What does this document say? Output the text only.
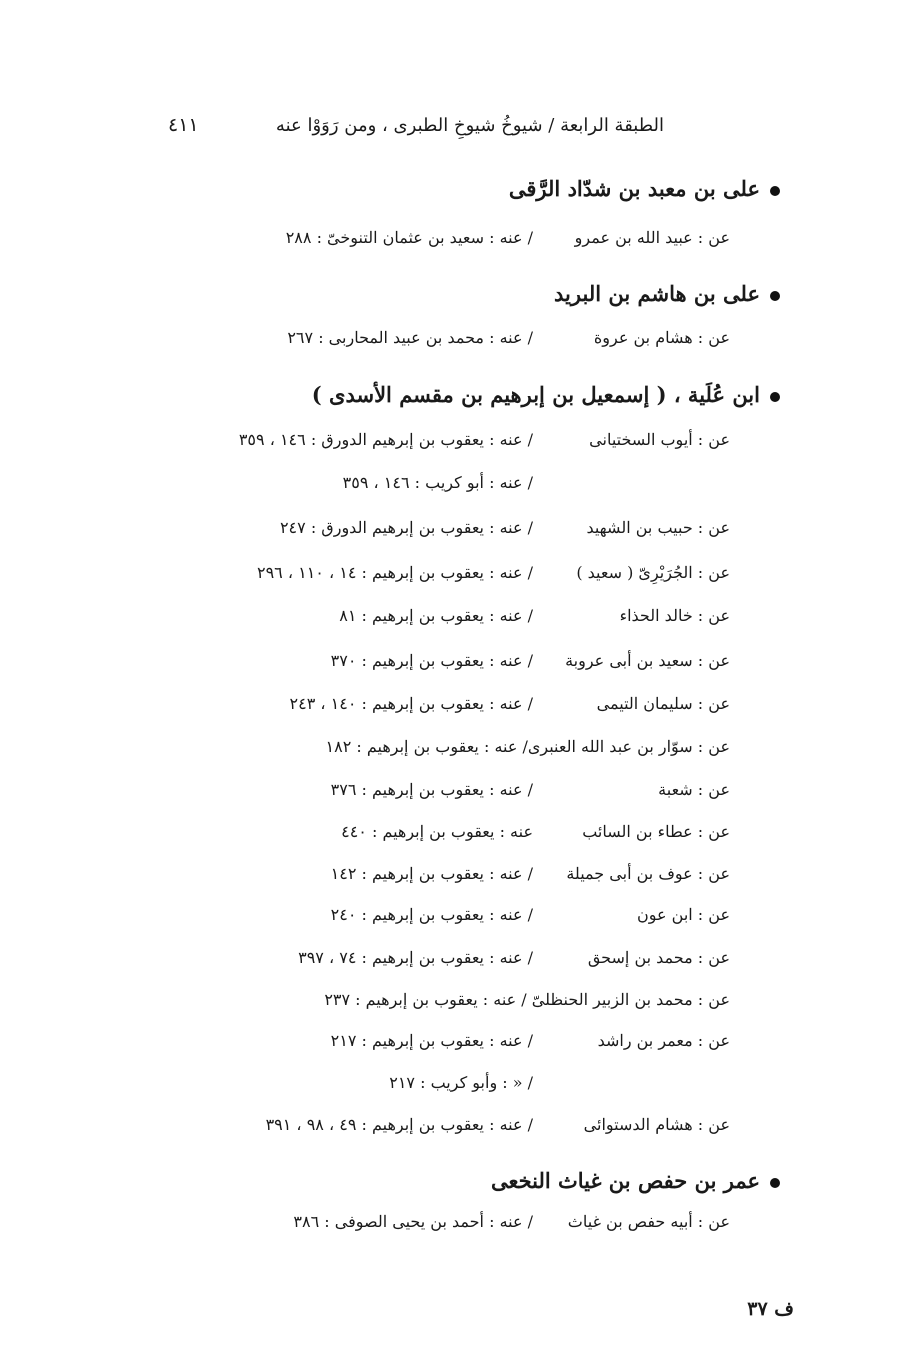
الطبقة الرابعة / شيوخُ شيوخِ الطبرى ، ومن رَوَوْا عنه
٤١١
على بن معبد بن شدّاد الرَّقى
عن : عبيد الله بن عمرو
/ عنه : سعيد بن عثمان التنوخىّ : ٢٨٨
على بن هاشم بن البريد
عن : هشام بن عروة
/ عنه : محمد بن عبيد المحاربى : ٢٦٧
ابن عُلَية ، ( إسمعيل بن إبرهيم بن مقسم الأسدى )
عن : أيوب السختيانى
/ عنه : يعقوب بن إبرهيم الدورق : ١٤٦ ، ٣٥٩
/ عنه : أبو كريب : ١٤٦ ، ٣٥٩
عن : حبيب بن الشهيد
/ عنه : يعقوب بن إبرهيم الدورق : ٢٤٧
عن : الجُرَيْرِىّ ( سعيد )
/ عنه : يعقوب بن إبرهيم : ١٤ ، ١١٠ ، ٢٩٦
عن : خالد الحذاء
/ عنه : يعقوب بن إبرهيم : ٨١
عن : سعيد بن أبى عروبة
/ عنه : يعقوب بن إبرهيم : ٣٧٠
عن : سليمان التيمى
/ عنه : يعقوب بن إبرهيم : ١٤٠ ، ٢٤٣
عن : سوّار بن عبد الله العنبرى/ عنه : يعقوب بن إبرهيم : ١٨٢
عن : شعبة
/ عنه : يعقوب بن إبرهيم : ٣٧٦
عن : عطاء بن السائب
عنه : يعقوب بن إبرهيم : ٤٤٠
عن : عوف بن أبى جميلة
/ عنه : يعقوب بن إبرهيم : ١٤٢
عن : ابن عون
/ عنه : يعقوب بن إبرهيم : ٢٤٠
عن : محمد بن إسحق
/ عنه : يعقوب بن إبرهيم : ٧٤ ، ٣٩٧
عن : محمد بن الزبير الحنظلىّ / عنه : يعقوب بن إبرهيم : ٢٣٧
عن : معمر بن راشد
/ عنه : يعقوب بن إبرهيم : ٢١٧
/ « : وأبو كريب : ٢١٧
عن : هشام الدستوائى
/ عنه : يعقوب بن إبرهيم : ٤٩ ، ٩٨ ، ٣٩١
عمر بن حفص بن غياث النخعى
عن : أبيه حفص بن غياث
/ عنه : أحمد بن يحيى الصوفى : ٣٨٦
ف ٣٧
